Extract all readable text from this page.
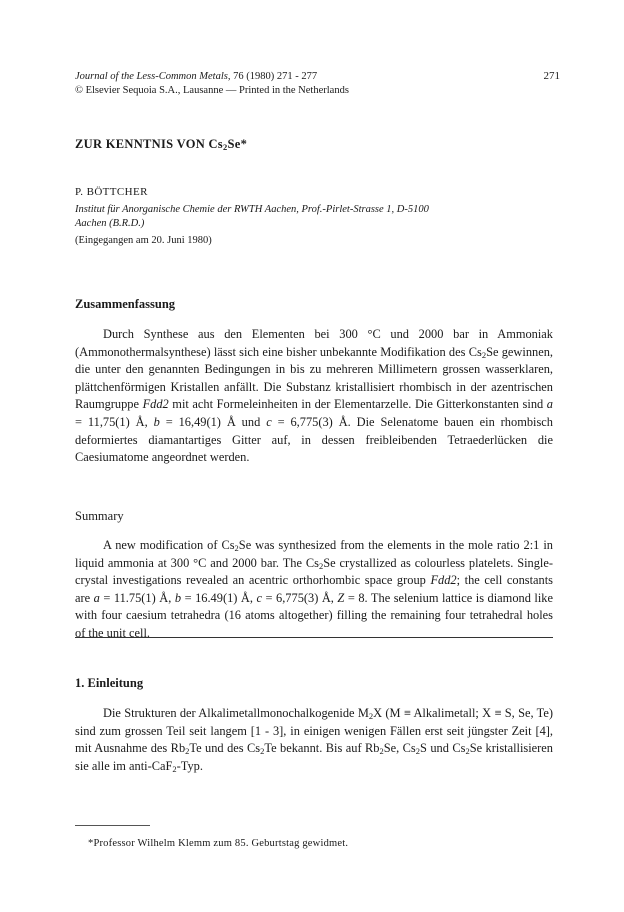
Journal of the Less-Common Metals, 76 (1980) 271 - 277
© Elsevier Sequoia S.A., Lausanne — Printed in the Netherlands
271
ZUR KENNTNIS VON $Cs_2Se*$
P. BÖTTCHER
Institut für Anorganische Chemie der RWTH Aachen, Prof.-Pirlet-Strasse 1, D-5100
Aachen (B.R.D.)
(Eingegangen am 20. Juni 1980)
Zusammenfassung
Durch Synthese aus den Elementen bei 300 °C und 2000 bar in Ammoniak (Ammonothermalsynthese) lässt sich eine bisher unbekannte Modifikation des $Cs_2Se$ gewinnen, die unter den genannten Bedingungen in bis zu mehreren Millimetern grossen wasserklaren, plättchenförmigen Kristallen anfällt. Die Substanz kristallisiert rhombisch in der azentrischen Raumgruppe Fdd2 mit acht Formeleinheiten in der Elementarzelle. Die Gitterkonstanten sind a = 11,75(1) Å, b = 16,49(1) Å und c = 6,775(3) Å. Die Selenatome bauen ein rhombisch deformiertes diamantartiges Gitter auf, in dessen freibleibenden Tetraederlücken die Caesiumatome angeordnet werden.
Summary
A new modification of $Cs_2Se$ was synthesized from the elements in the mole ratio 2:1 in liquid ammonia at 300 °C and 2000 bar. The $Cs_2Se$ crystallized as colourless platelets. Single-crystal investigations revealed an acentric orthorhombic space group Fdd2; the cell constants are a = 11.75(1) Å, b = 16.49(1) Å, c = 6,775(3) Å, Z = 8. The selenium lattice is diamond like with four caesium tetrahedra (16 atoms altogether) filling the remaining four tetrahedral holes of the unit cell.
1. Einleitung
Die Strukturen der Alkalimetallmonochalkogenide $M_2X$ (M ≡ Alkalimetall; X ≡ S, Se, Te) sind zum grossen Teil seit langem [1 - 3], in einigen wenigen Fällen erst seit jüngster Zeit [4], mit Ausnahme des $Rb_2Te$ und des $Cs_2Te$ bekannt. Bis auf $Rb_2Se$, $Cs_2S$ und $Cs_2Se$ kristallisieren sie alle im anti-CaF$_2$-Typ.
*Professor Wilhelm Klemm zum 85. Geburtstag gewidmet.
